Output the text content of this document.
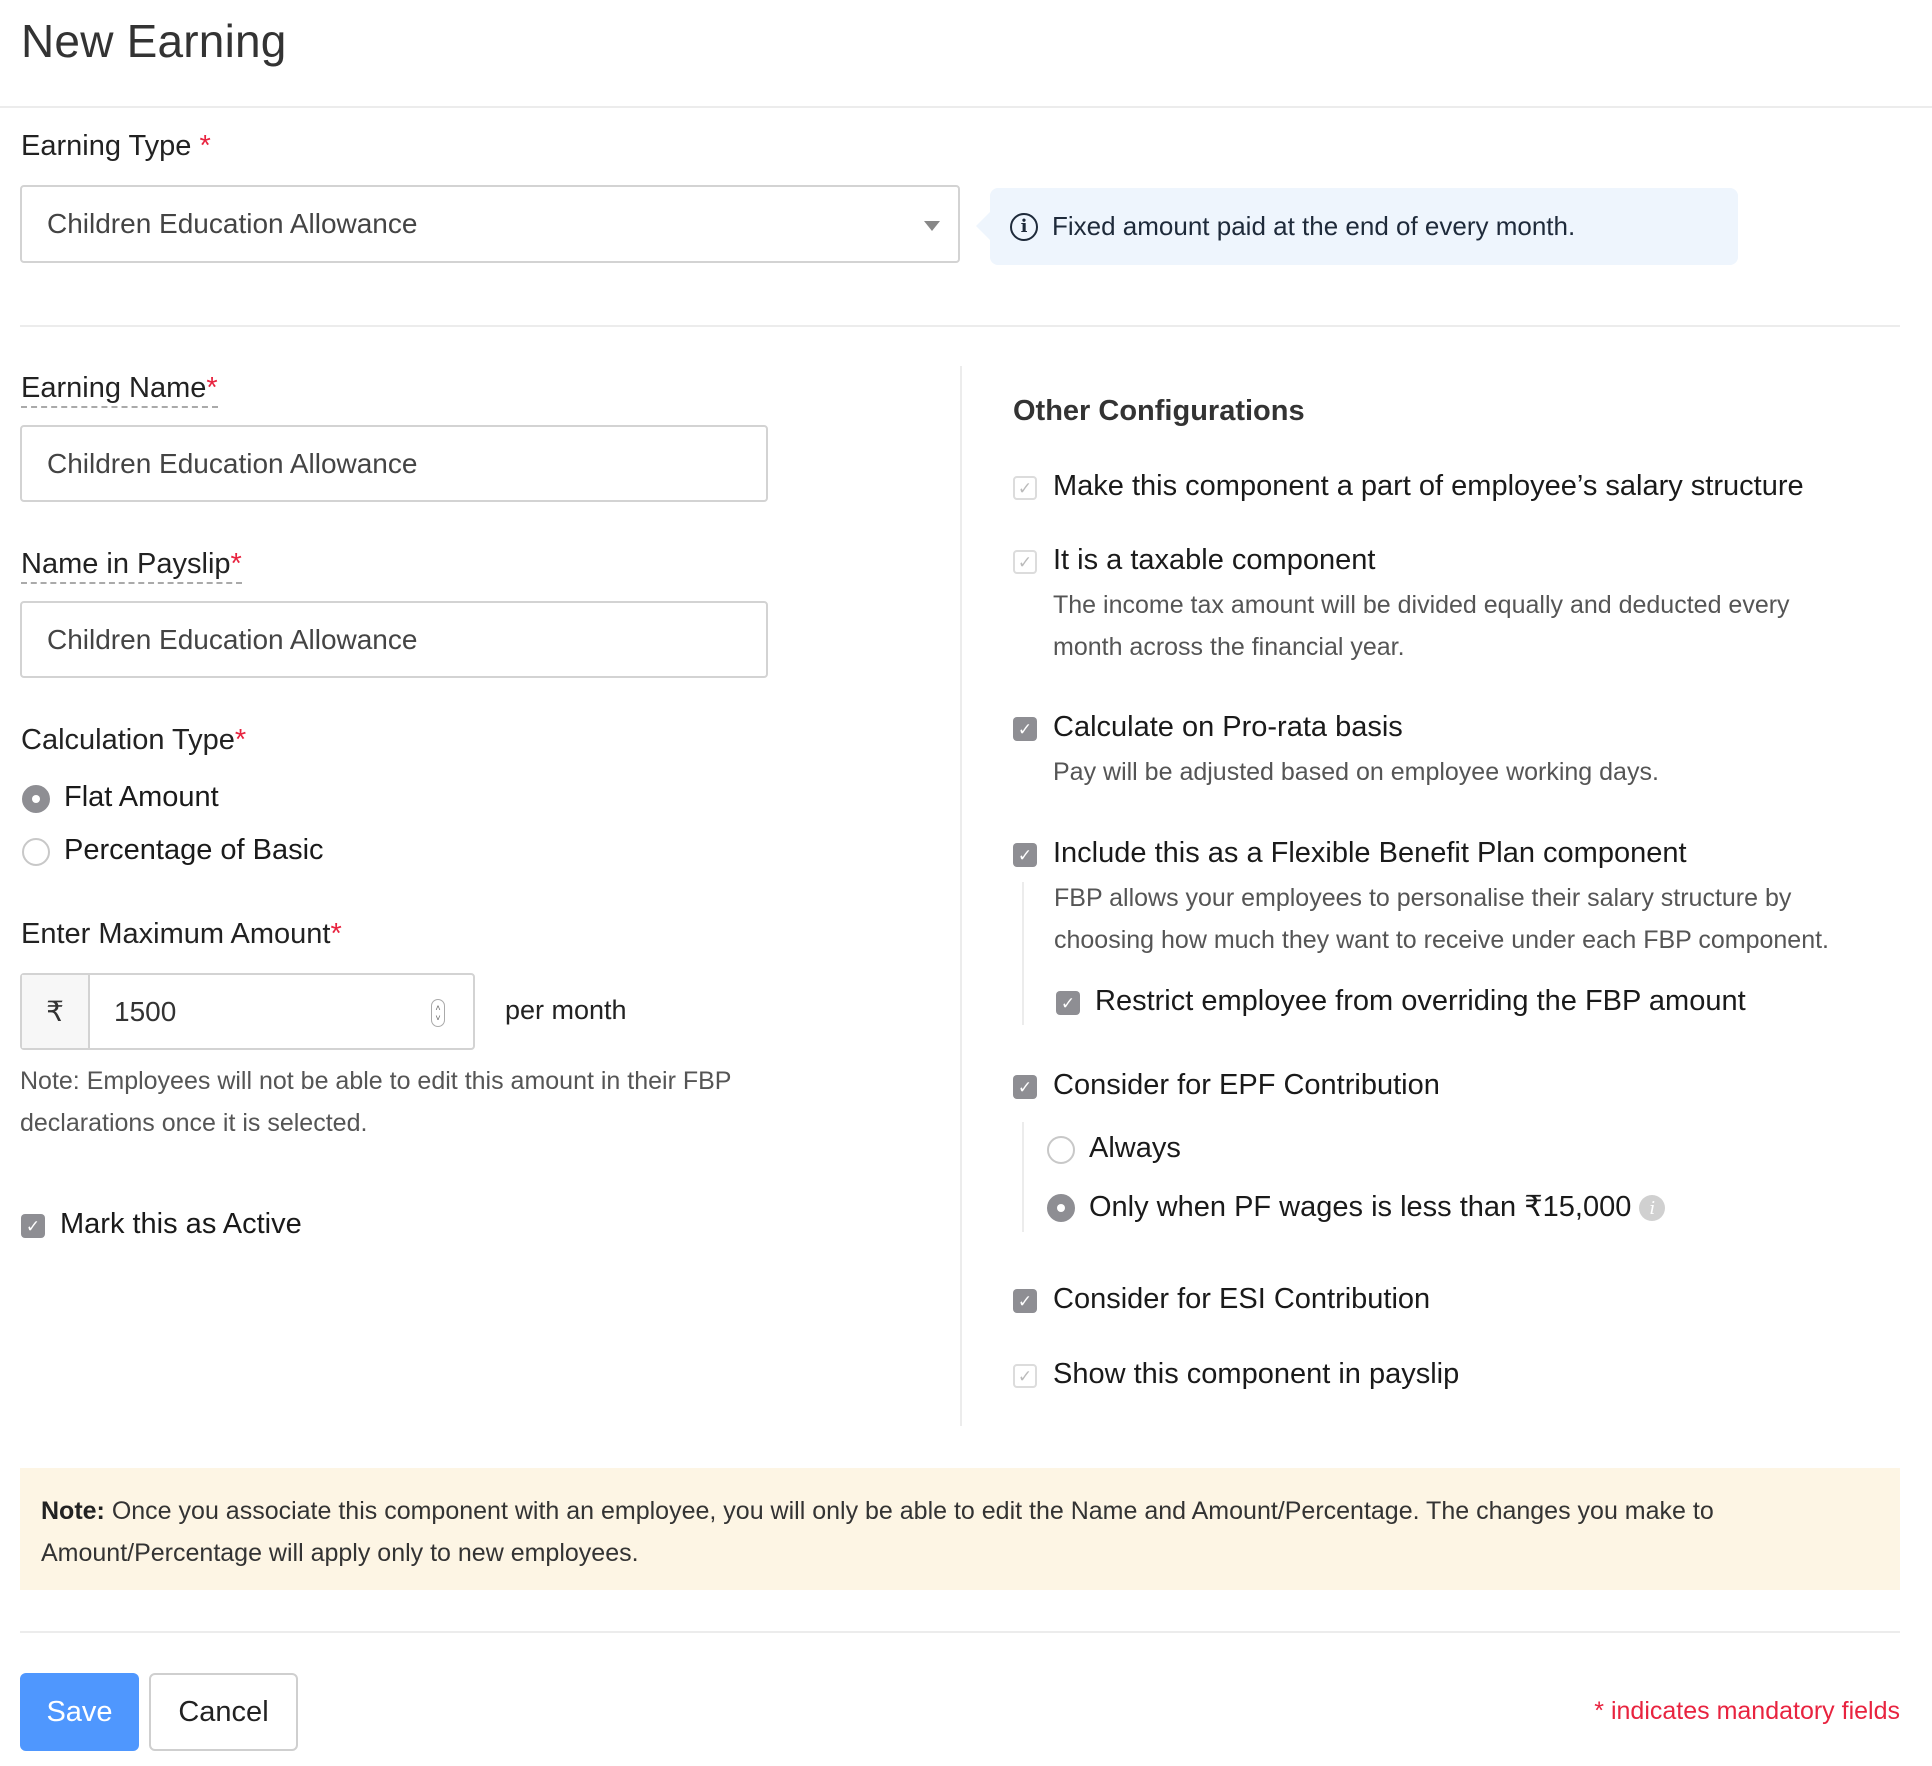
New Earning
Earning Type *
Children Education Allowance	i Fixed amount paid at the end of every month.
Earning Name*
Children Education Allowance
Name in Payslip*
Children Education Allowance
Calculation Type*
Flat Amount
Percentage of Basic
Enter Maximum Amount*
₹	1500	˄
˅ per month
Note: Employees will not be able to edit this amount in their FBP
declarations once it is selected.
✓ Mark this as Active
Other Configurations
✓ Make this component a part of employee’s salary structure
✓ It is a taxable component
The income tax amount will be divided equally and deducted every
month across the financial year.
✓ Calculate on Pro-rata basis
Pay will be adjusted based on employee working days.
✓ Include this as a Flexible Benefit Plan component
FBP allows your employees to personalise their salary structure by
choosing how much they want to receive under each FBP component.
✓ Restrict employee from overriding the FBP amount
✓ Consider for EPF Contribution
Always
Only when PF wages is less than ₹15,000 i
✓ Consider for ESI Contribution
✓ Show this component in payslip
Note: Once you associate this component with an employee, you will only be able to edit the Name and Amount/Percentage. The changes you make to Amount/Percentage will apply only to new employees.
Save	Cancel	* indicates mandatory fields
